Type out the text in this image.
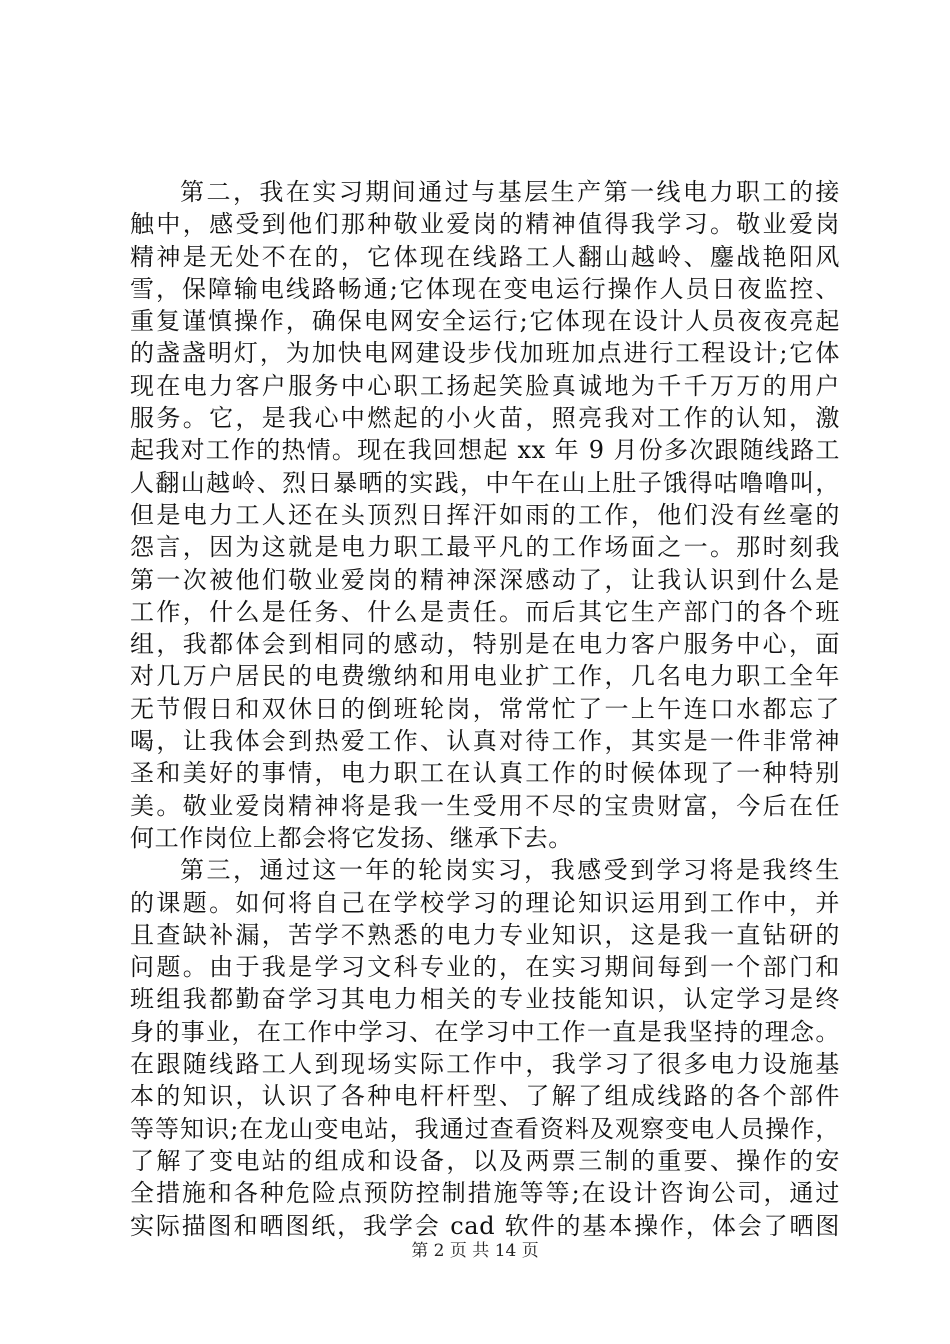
第二，我在实习期间通过与基层生产第一线电力职工的接
触中，感受到他们那种敬业爱岗的精神值得我学习。敬业爱岗
精神是无处不在的，它体现在线路工人翻山越岭、鏖战艳阳风
雪，保障输电线路畅通;它体现在变电运行操作人员日夜监控、
重复谨慎操作，确保电网安全运行;它体现在设计人员夜夜亮起
的盏盏明灯，为加快电网建设步伐加班加点进行工程设计;它体
现在电力客户服务中心职工扬起笑脸真诚地为千千万万的用户
服务。它，是我心中燃起的小火苗，照亮我对工作的认知，激
起我对工作的热情。现在我回想起 xx 年 9 月份多次跟随线路工
人翻山越岭、烈日暴晒的实践，中午在山上肚子饿得咕噜噜叫，
但是电力工人还在头顶烈日挥汗如雨的工作，他们没有丝毫的
怨言，因为这就是电力职工最平凡的工作场面之一。那时刻我
第一次被他们敬业爱岗的精神深深感动了，让我认识到什么是
工作，什么是任务、什么是责任。而后其它生产部门的各个班
组，我都体会到相同的感动，特别是在电力客户服务中心，面
对几万户居民的电费缴纳和用电业扩工作，几名电力职工全年
无节假日和双休日的倒班轮岗，常常忙了一上午连口水都忘了
喝，让我体会到热爱工作、认真对待工作，其实是一件非常神
圣和美好的事情，电力职工在认真工作的时候体现了一种特别
美。敬业爱岗精神将是我一生受用不尽的宝贵财富，今后在任
何工作岗位上都会将它发扬、继承下去。
第三，通过这一年的轮岗实习，我感受到学习将是我终生
的课题。如何将自己在学校学习的理论知识运用到工作中，并
且查缺补漏，苦学不熟悉的电力专业知识，这是我一直钻研的
问题。由于我是学习文科专业的，在实习期间每到一个部门和
班组我都勤奋学习其电力相关的专业技能知识，认定学习是终
身的事业，在工作中学习、在学习中工作一直是我坚持的理念。
在跟随线路工人到现场实际工作中，我学习了很多电力设施基
本的知识，认识了各种电杆杆型、了解了组成线路的各个部件
等等知识;在龙山变电站，我通过查看资料及观察变电人员操作，
了解了变电站的组成和设备，以及两票三制的重要、操作的安
全措施和各种危险点预防控制措施等等;在设计咨询公司，通过
实际描图和晒图纸，我学会 cad 软件的基本操作，体会了晒图
第 2 页 共 14 页
